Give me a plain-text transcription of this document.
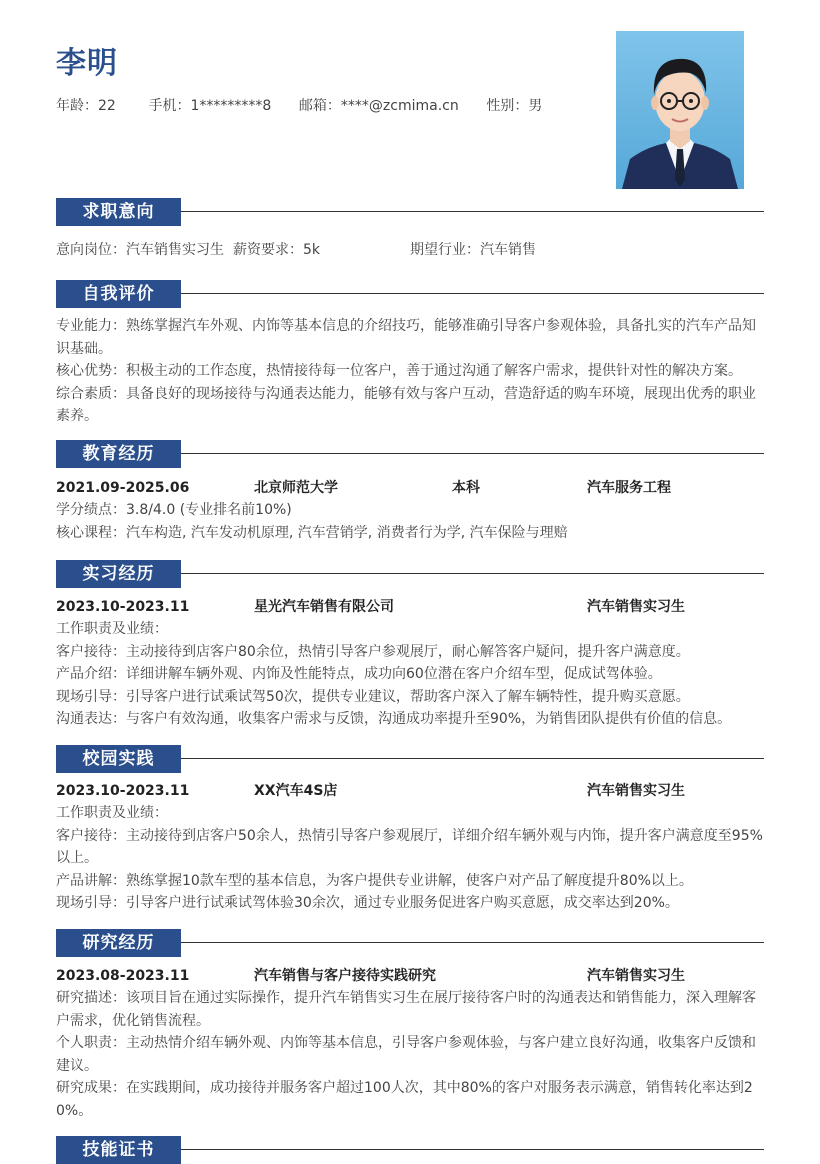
李明
年龄：22 手机：1*********8 邮箱：****@zcmima.cn 性别：男
求职意向
意向岗位：汽车销售实习生 薪资要求：5k	期望行业：汽车销售
自我评价
专业能力：熟练掌握汽车外观、内饰等基本信息的介绍技巧，能够准确引导客户参观体验，具备扎实的汽车产品知
识基础。
核心优势：积极主动的工作态度，热情接待每一位客户，善于通过沟通了解客户需求，提供针对性的解决方案。
综合素质：具备良好的现场接待与沟通表达能力，能够有效与客户互动，营造舒适的购车环境，展现出优秀的职业
素养。
教育经历
2021.09-2025.06	北京师范大学	本科	汽车服务工程
学分绩点：3.8/4.0 (专业排名前10%)
核心课程：汽车构造, 汽车发动机原理, 汽车营销学, 消费者行为学, 汽车保险与理赔
实习经历
2023.10-2023.11	星光汽车销售有限公司	汽车销售实习生
工作职责及业绩：
客户接待：主动接待到店客户80余位，热情引导客户参观展厅，耐心解答客户疑问，提升客户满意度。
产品介绍：详细讲解车辆外观、内饰及性能特点，成功向60位潜在客户介绍车型，促成试驾体验。
现场引导：引导客户进行试乘试驾50次，提供专业建议，帮助客户深入了解车辆特性，提升购买意愿。
沟通表达：与客户有效沟通，收集客户需求与反馈，沟通成功率提升至90%，为销售团队提供有价值的信息。
校园实践
2023.10-2023.11	XX汽车4S店	汽车销售实习生
工作职责及业绩：
客户接待：主动接待到店客户50余人，热情引导客户参观展厅，详细介绍车辆外观与内饰，提升客户满意度至95%
以上。
产品讲解：熟练掌握10款车型的基本信息，为客户提供专业讲解，使客户对产品了解度提升80%以上。
现场引导：引导客户进行试乘试驾体验30余次，通过专业服务促进客户购买意愿，成交率达到20%。
研究经历
2023.08-2023.11	汽车销售与客户接待实践研究	汽车销售实习生
研究描述：该项目旨在通过实际操作，提升汽车销售实习生在展厅接待客户时的沟通表达和销售能力，深入理解客
户需求，优化销售流程。
个人职责：主动热情介绍车辆外观、内饰等基本信息，引导客户参观体验，与客户建立良好沟通，收集客户反馈和
建议。
研究成果：在实践期间，成功接待并服务客户超过100人次，其中80%的客户对服务表示满意，销售转化率达到2
0%。
技能证书
